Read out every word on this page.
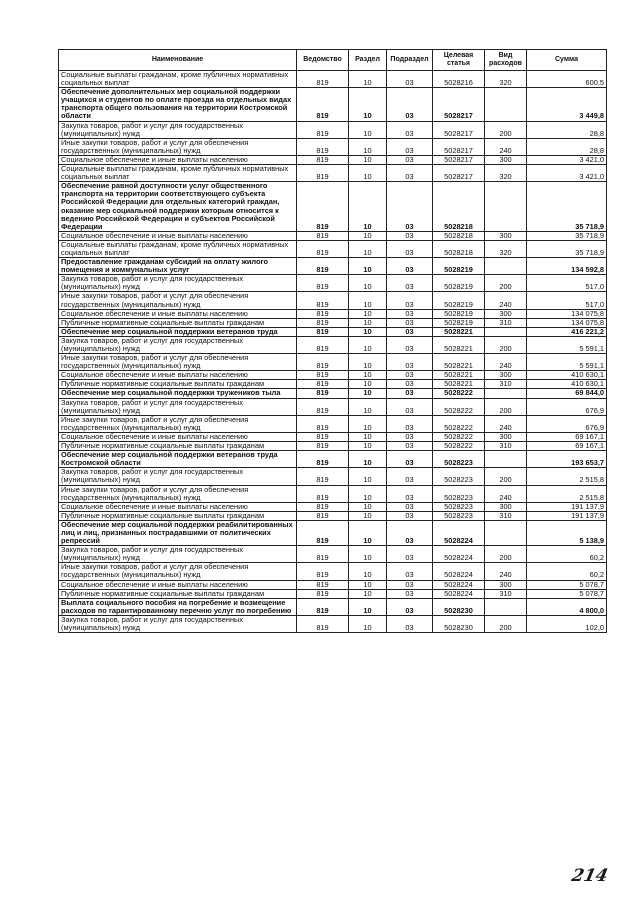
Наименование	Ведомство	Раздел	Подраздел	Целевая статья	Вид расходов	Сумма
Социальные выплаты гражданам, кроме публичных нормативных социальных выплат	819	10	03	5028216	320	600,5
Обеспечение дополнительных мер социальной поддержки учащихся и студентов по оплате проезда на отдельных видах транспорта общего пользования на территории Костромской области	819	10	03	5028217		3 449,8
Закупка товаров, работ и услуг для государственных (муниципальных) нужд	819	10	03	5028217	200	28,8
Иные закупки товаров, работ и услуг для обеспечения государственных (муниципальных) нужд	819	10	03	5028217	240	28,8
Социальное обеспечение и иные выплаты населению	819	10	03	5028217	300	3 421,0
Социальные выплаты гражданам, кроме публичных нормативных социальных выплат	819	10	03	5028217	320	3 421,0
Обеспечение равной доступности услуг общественного транспорта на территории соответствующего субъекта Российской Федерации для отдельных категорий граждан, оказание мер социальной поддержки которым относится к ведению Российской Федерации и субъектов Российской Федерации	819	10	03	5028218		35 718,9
Социальное обеспечение и иные выплаты населению	819	10	03	5028218	300	35 718,9
Социальные выплаты гражданам, кроме публичных нормативных социальных выплат	819	10	03	5028218	320	35 718,9
Предоставление гражданам субсидий на оплату жилого помещения и коммунальных услуг	819	10	03	5028219		134 592,8
Закупка товаров, работ и услуг для государственных (муниципальных) нужд	819	10	03	5028219	200	517,0
Иные закупки товаров, работ и услуг для обеспечения государственных (муниципальных) нужд	819	10	03	5028219	240	517,0
Социальное обеспечение и иные выплаты населению	819	10	03	5028219	300	134 075,8
Публичные нормативные социальные выплаты гражданам	819	10	03	5028219	310	134 075,8
Обеспечение мер социальной поддержки ветеранов труда	819	10	03	5028221		416 221,2
Закупка товаров, работ и услуг для государственных (муниципальных) нужд	819	10	03	5028221	200	5 591,1
Иные закупки товаров, работ и услуг для обеспечения государственных (муниципальных) нужд	819	10	03	5028221	240	5 591,1
Социальное обеспечение и иные выплаты населению	819	10	03	5028221	300	410 630,1
Публичные нормативные социальные выплаты гражданам	819	10	03	5028221	310	410 630,1
Обеспечение мер социальной поддержки тружеников тыла	819	10	03	5028222		69 844,0
Закупка товаров, работ и услуг для государственных (муниципальных) нужд	819	10	03	5028222	200	676,9
Иные закупки товаров, работ и услуг для обеспечения государственных (муниципальных) нужд	819	10	03	5028222	240	676,9
Социальное обеспечение и иные выплаты населению	819	10	03	5028222	300	69 167,1
Публичные нормативные социальные выплаты гражданам	819	10	03	5028222	310	69 167,1
Обеспечение мер социальной поддержки ветеранов труда Костромской области	819	10	03	5028223		193 653,7
Закупка товаров, работ и услуг для государственных (муниципальных) нужд	819	10	03	5028223	200	2 515,8
Иные закупки товаров, работ и услуг для обеспечения государственных (муниципальных) нужд	819	10	03	5028223	240	2 515,8
Социальное обеспечение и иные выплаты населению	819	10	03	5028223	300	191 137,9
Публичные нормативные социальные выплаты гражданам	819	10	03	5028223	310	191 137,9
Обеспечение мер социальной поддержки реабилитированных лиц и лиц, признанных пострадавшими от политических репрессий	819	10	03	5028224		5 138,9
Закупка товаров, работ и услуг для государственных (муниципальных) нужд	819	10	03	5028224	200	60,2
Иные закупки товаров, работ и услуг для обеспечения государственных (муниципальных) нужд	819	10	03	5028224	240	60,2
Социальное обеспечение и иные выплаты населению	819	10	03	5028224	300	5 078,7
Публичные нормативные социальные выплаты гражданам	819	10	03	5028224	310	5 078,7
Выплата социального пособия на погребение и возмещение расходов по гарантированному перечню услуг по погребению	819	10	03	5028230		4 800,0
Закупка товаров, работ и услуг для государственных (муниципальных) нужд	819	10	03	5028230	200	102,0
214
